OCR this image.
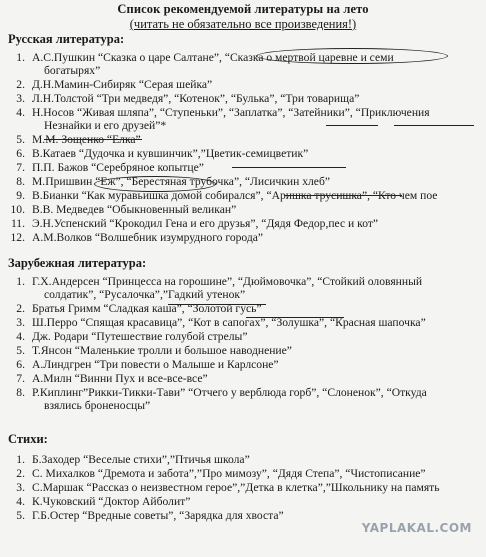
Список рекомендуемой литературы на лето
(читать не обязательно все произведения!)
Русская литература:
1. А.С.Пушкин “Сказка о царе Салтане”, “Сказка о мертвой царевне и семи
богатырях”
2. Д.Н.Мамин-Сибиряк “Серая шейка”
3. Л.Н.Толстой “Три медведя”, “Котенок”, “Булька”, “Три товарища”
4. Н.Носов “Живая шляпа”, “Ступеньки”, “Заплатка”, “Затейники”, “Приключения
Незнайки и его друзей”*
5. М.М. Зощенко “Елка”
6. В.Катаев “Дудочка и кувшинчик”,”Цветик-семицветик”
7. П.П. Бажов “Серебряное копытце”
8. М.Пришвин “Еж”, “Берестяная трубочка”, “Лисичкин хлеб”
9. В.Бианки “Как муравьишка домой собирался”, “Аришка трусишка”, “Кто чем пое
10. В.В. Медведев “Обыкновенный великан”
11. Э.Н.Успенский “Крокодил Гена и его друзья”, “Дядя Федор,пес и кот”
12. А.М.Волков “Волшебник изумрудного города”
Зарубежная литература:
1. Г.Х.Андерсен “Принцесса на горошине”, “Дюймовочка”, “Стойкий оловянный
солдатик”, “Русалочка”,”Гадкий утенок”
2. Братья Гримм “Сладкая каша”, “Золотой гусь”
3. Ш.Перро “Спящая красавица”, “Кот в сапогах”, “Золушка”, “Красная шапочка”
4. Дж. Родари “Путешествие голубой стрелы”
5. Т.Янсон “Маленькие тролли и большое наводнение”
6. А.Линдгрен “Три повести о Малыше и Карлсоне”
7. А.Милн “Винни Пух и все-все-все”
8. Р.Киплинг”Рикки-Тикки-Тави” “Отчего у верблюда горб”, “Слоненок”, “Откуда
взялись броненосцы”
Стихи:
1. Б.Заходер “Веселые стихи”,”Птичья школа”
2. С. Михалков “Дремота и забота”,”Про мимозу”, “Дядя Степа”, “Чистописание”
3. С.Маршак “Рассказ о неизвестном герое”,”Детка в клетка”,”Школьнику на память
4. К.Чуковский “Доктор Айболит”
5. Г.Б.Остер “Вредные советы”, “Зарядка для хвоста”
YAPLAKAL.COM
